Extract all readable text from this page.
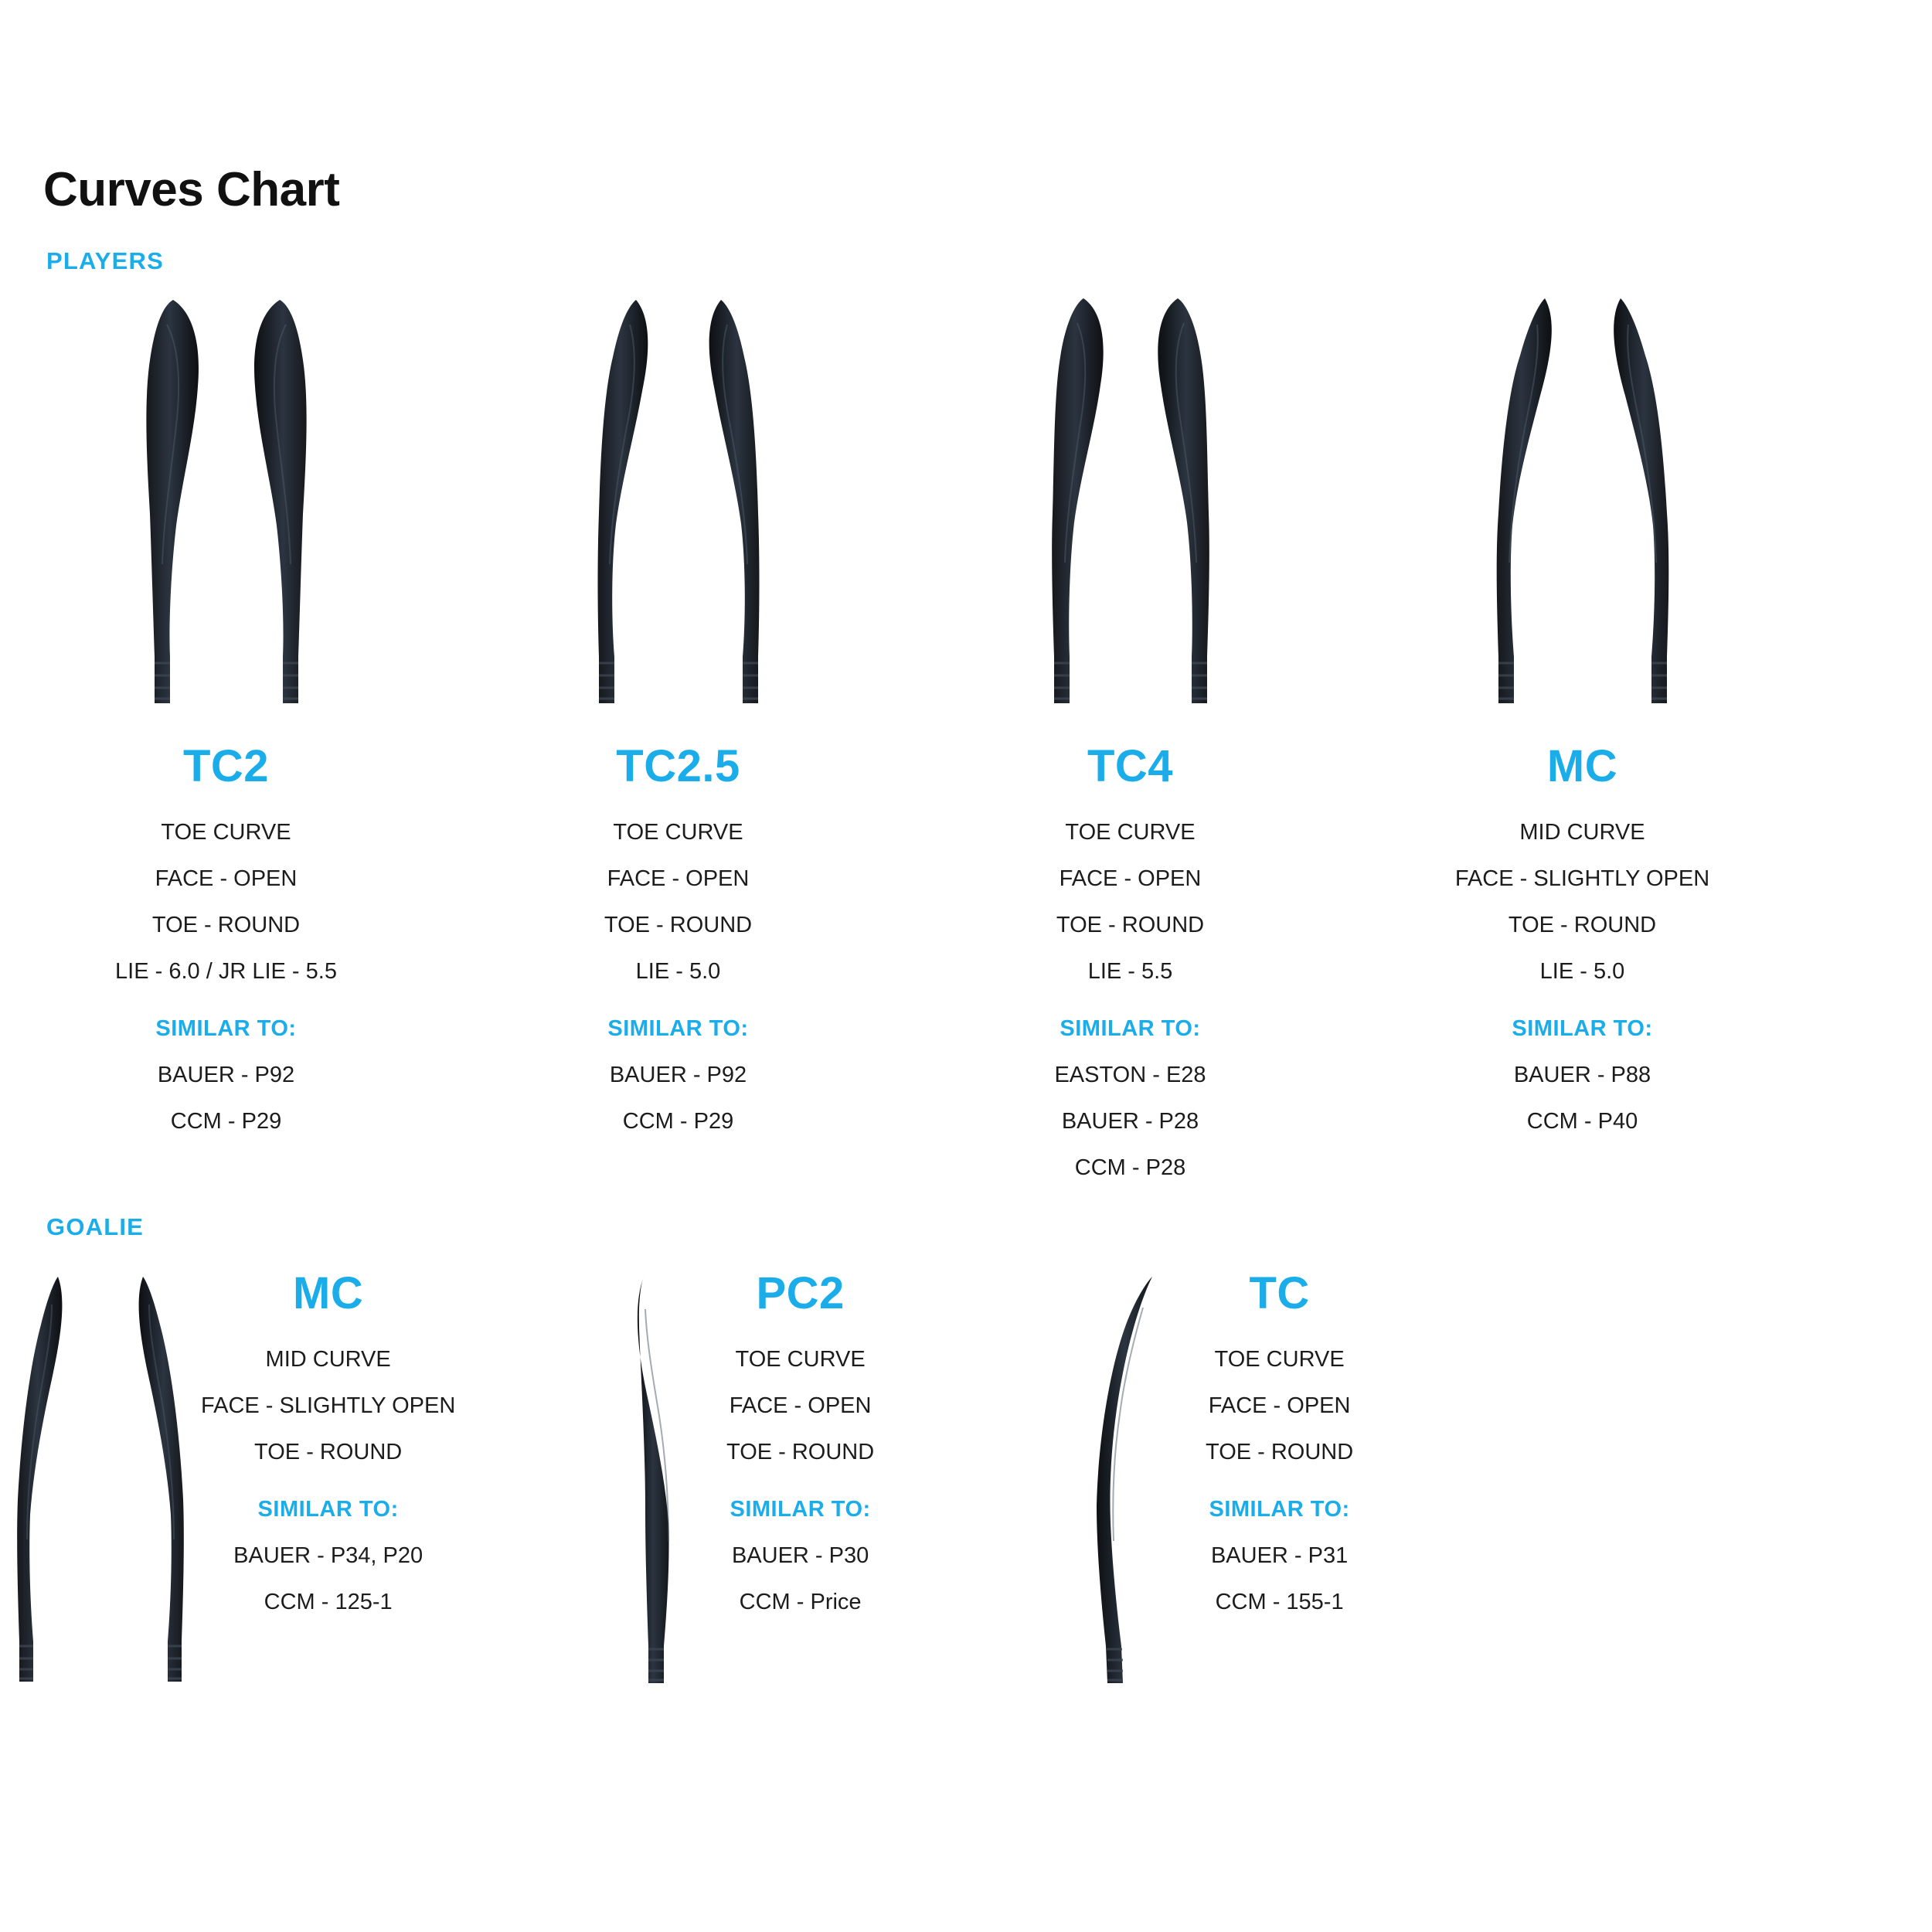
Curves Chart
PLAYERS
TC2
TOE CURVE
FACE - OPEN
TOE - ROUND
LIE - 6.0 / JR LIE - 5.5
SIMILAR TO:
BAUER - P92
CCM - P29
TC2.5
TOE CURVE
FACE - OPEN
TOE - ROUND
LIE - 5.0
SIMILAR TO:
BAUER - P92
CCM - P29
TC4
TOE CURVE
FACE - OPEN
TOE - ROUND
LIE - 5.5
SIMILAR TO:
EASTON - E28
BAUER - P28
CCM - P28
MC
MID CURVE
FACE - SLIGHTLY OPEN
TOE - ROUND
LIE - 5.0
SIMILAR TO:
BAUER - P88
CCM - P40
GOALIE
MC
MID CURVE
FACE - SLIGHTLY OPEN
TOE - ROUND
SIMILAR TO:
BAUER - P34, P20
CCM - 125-1
PC2
TOE CURVE
FACE - OPEN
TOE - ROUND
SIMILAR TO:
BAUER - P30
CCM - Price
TC
TOE CURVE
FACE - OPEN
TOE - ROUND
SIMILAR TO:
BAUER - P31
CCM - 155-1
